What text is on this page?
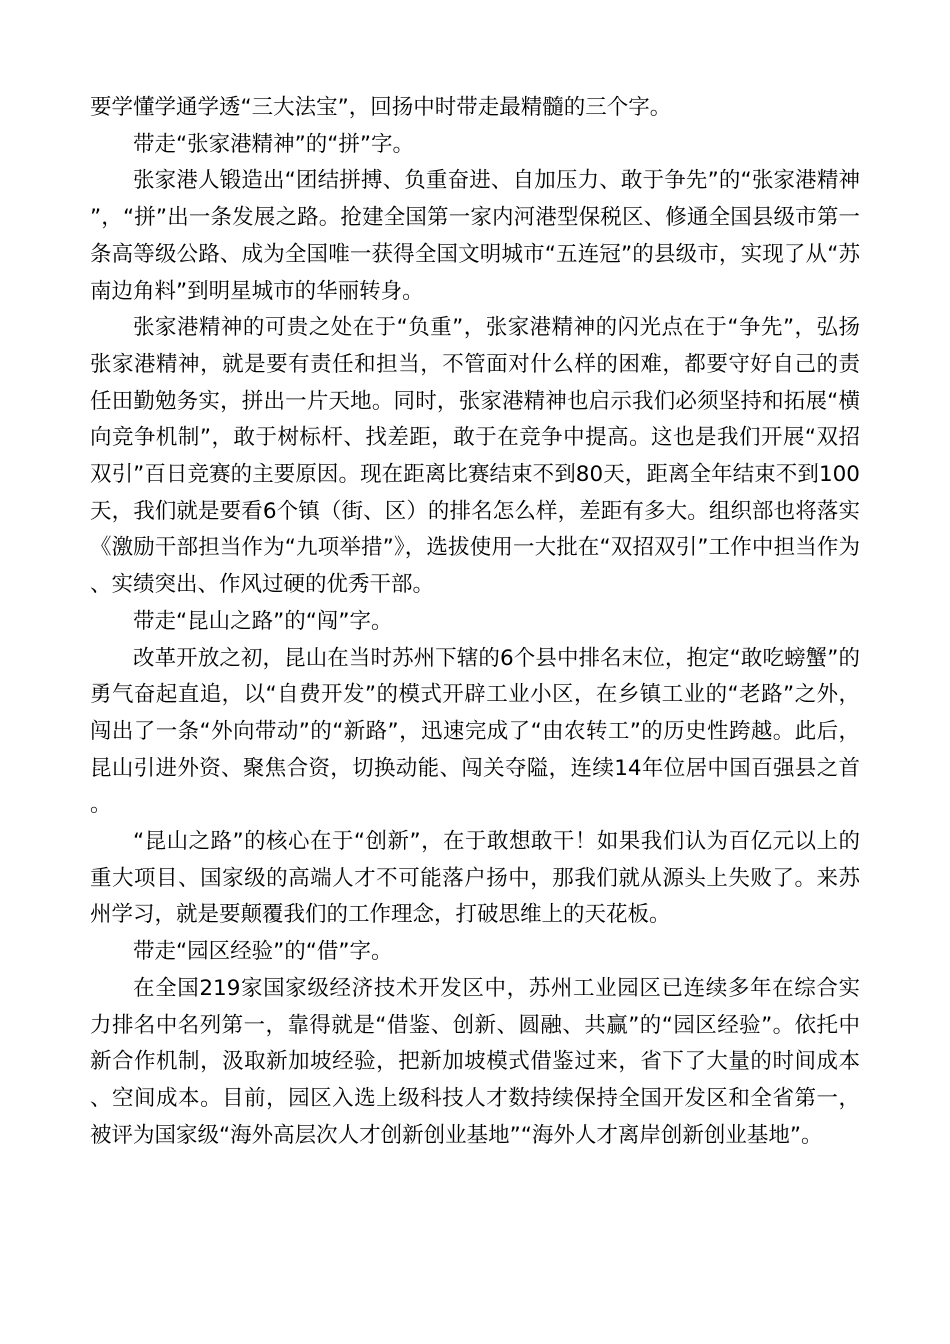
要学懂学通学透“三大法宝”，回扬中时带走最精髓的三个字。

带走“张家港精神”的“拼”字。

张家港人锻造出“团结拼搏、负重奋进、自加压力、敢于争先”的“张家港精神”，“拼”出一条发展之路。抢建全国第一家内河港型保税区、修通全国县级市第一条高等级公路、成为全国唯一获得全国文明城市“五连冠”的县级市，实现了从“苏南边角料”到明星城市的华丽转身。

张家港精神的可贵之处在于“负重”，张家港精神的闪光点在于“争先”，弘扬张家港精神，就是要有责任和担当，不管面对什么样的困难，都要守好自己的责任田勤勉务实，拼出一片天地。同时，张家港精神也启示我们必须坚持和拓展“横向竞争机制”，敢于树标杆、找差距，敢于在竞争中提高。这也是我们开展“双招双引”百日竞赛的主要原因。现在距离比赛结束不到80天，距离全年结束不到100天，我们就是要看6个镇（街、区）的排名怎么样，差距有多大。组织部也将落实《激励干部担当作为“九项举措”》，选拔使用一大批在“双招双引”工作中担当作为、实绩突出、作风过硬的优秀干部。

带走“昆山之路”的“闯”字。

改革开放之初，昆山在当时苏州下辖的6个县中排名末位，抱定“敢吃螃蟹”的勇气奋起直追，以“自费开发”的模式开辟工业小区，在乡镇工业的“老路”之外，闯出了一条“外向带动”的“新路”，迅速完成了“由农转工”的历史性跨越。此后，昆山引进外资、聚焦合资，切换动能、闯关夺隘，连续14年位居中国百强县之首。

“昆山之路”的核心在于“创新”，在于敢想敢干！如果我们认为百亿元以上的重大项目、国家级的高端人才不可能落户扬中，那我们就从源头上失败了。来苏州学习，就是要颠覆我们的工作理念，打破思维上的天花板。

带走“园区经验”的“借”字。

在全国219家国家级经济技术开发区中，苏州工业园区已连续多年在综合实力排名中名列第一，靠得就是“借鉴、创新、圆融、共赢”的“园区经验”。依托中新合作机制，汲取新加坡经验，把新加坡模式借鉴过来，省下了大量的时间成本、空间成本。目前，园区入选上级科技人才数持续保持全国开发区和全省第一，被评为国家级“海外高层次人才创新创业基地”“海外人才离岸创新创业基地”。
